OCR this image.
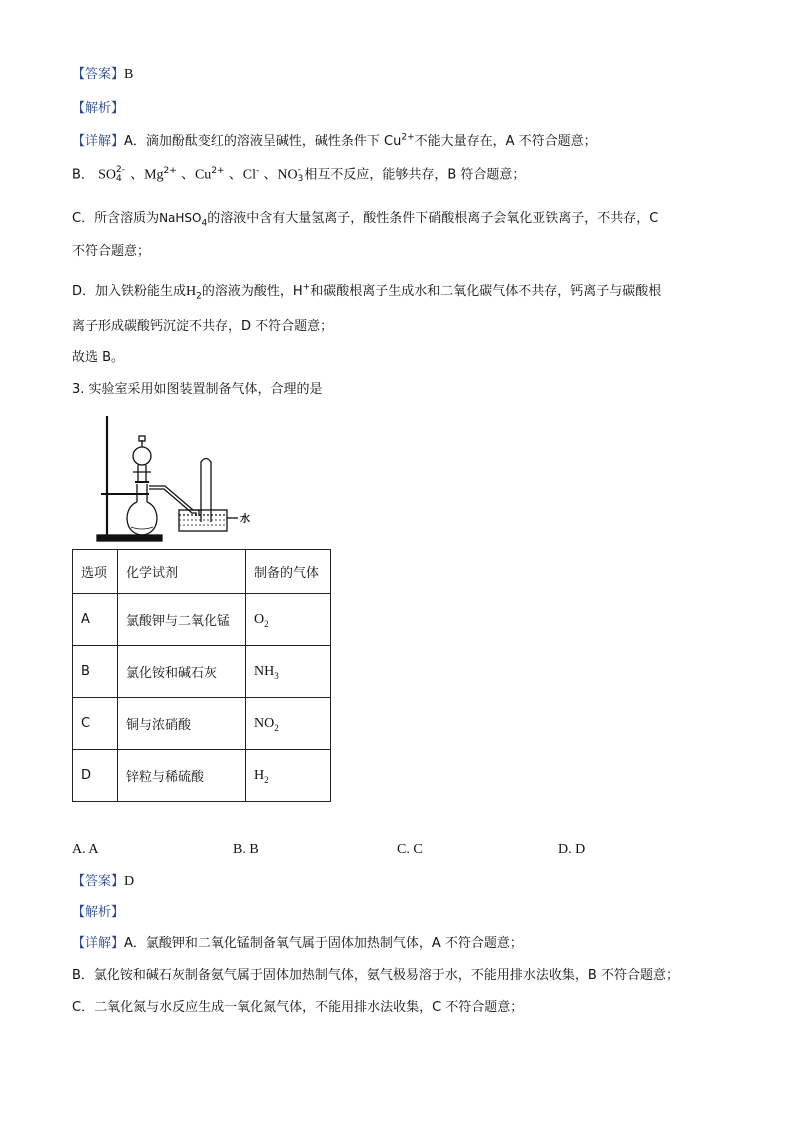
【答案】B
【解析】
【详解】A．滴加酚酞变红的溶液呈碱性，碱性条件下 $Cu^{2+}$不能大量存在，A 不符合题意；
B． SO 2-
4 、$Mg^{2+}$ 、$Cu^{2+}$ 、Cl- 、NO -
3 相互不反应，能够共存，B 符合题意；
C．所含溶质为NaHSO$_4$的溶液中含有大量氢离子，酸性条件下硝酸根离子会氧化亚铁离子，不共存，C
不符合题意；
D．加入铁粉能生成$H_2$的溶液为酸性，H+和碳酸根离子生成水和二氧化碳气体不共存，钙离子与碳酸根
离子形成碳酸钙沉淀不共存，D 不符合题意；
故选 B。
3. 实验室采用如图装置制备气体，合理的是
水
选项	化学试剂	制备的气体
A	氯酸钾与二氧化锰	$O_2$
B	氯化铵和碱石灰	$NH_3$
C	铜与浓硝酸	$NO_2$
D	锌粒与稀硫酸	$H_2$
A. A	B. B	C. C	D. D
【答案】D
【解析】
【详解】A．氯酸钾和二氧化锰制备氧气属于固体加热制气体，A 不符合题意；
B．氯化铵和碱石灰制备氨气属于固体加热制气体，氨气极易溶于水，不能用排水法收集，B 不符合题意；
C．二氧化氮与水反应生成一氧化氮气体，不能用排水法收集，C 不符合题意；
